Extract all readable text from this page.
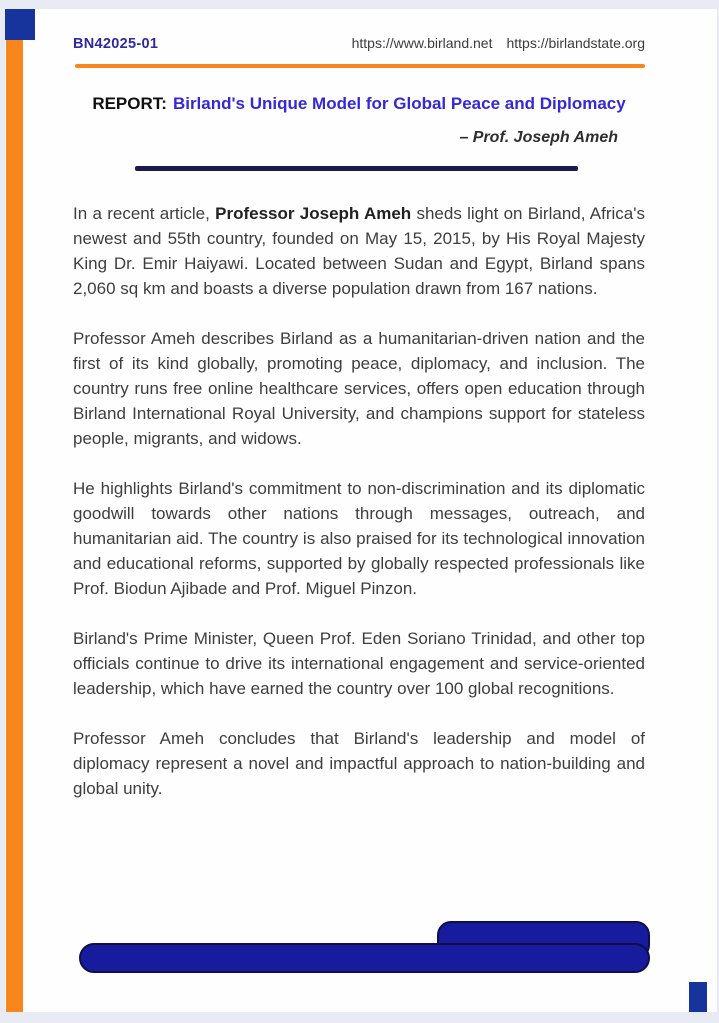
BN42025-01	https://www.birland.net https://birlandstate.org
REPORT: Birland's Unique Model for Global Peace and Diplomacy
– Prof. Joseph Ameh

In a recent article, Professor Joseph Ameh sheds light on Birland, Africa's newest and 55th country, founded on May 15, 2015, by His Royal Majesty King Dr. Emir Haiyawi. Located between Sudan and Egypt, Birland spans 2,060 sq km and boasts a diverse population drawn from 167 nations.

Professor Ameh describes Birland as a humanitarian-driven nation and the first of its kind globally, promoting peace, diplomacy, and inclusion. The country runs free online healthcare services, offers open education through Birland International Royal University, and champions support for stateless people, migrants, and widows.

He highlights Birland's commitment to non-discrimination and its diplomatic goodwill towards other nations through messages, outreach, and humanitarian aid. The country is also praised for its technological innovation and educational reforms, supported by globally respected professionals like Prof. Biodun Ajibade and Prof. Miguel Pinzon.

Birland's Prime Minister, Queen Prof. Eden Soriano Trinidad, and other top officials continue to drive its international engagement and service-oriented leadership, which have earned the country over 100 global recognitions.

Professor Ameh concludes that Birland's leadership and model of diplomacy represent a novel and impactful approach to nation-building and global unity.
